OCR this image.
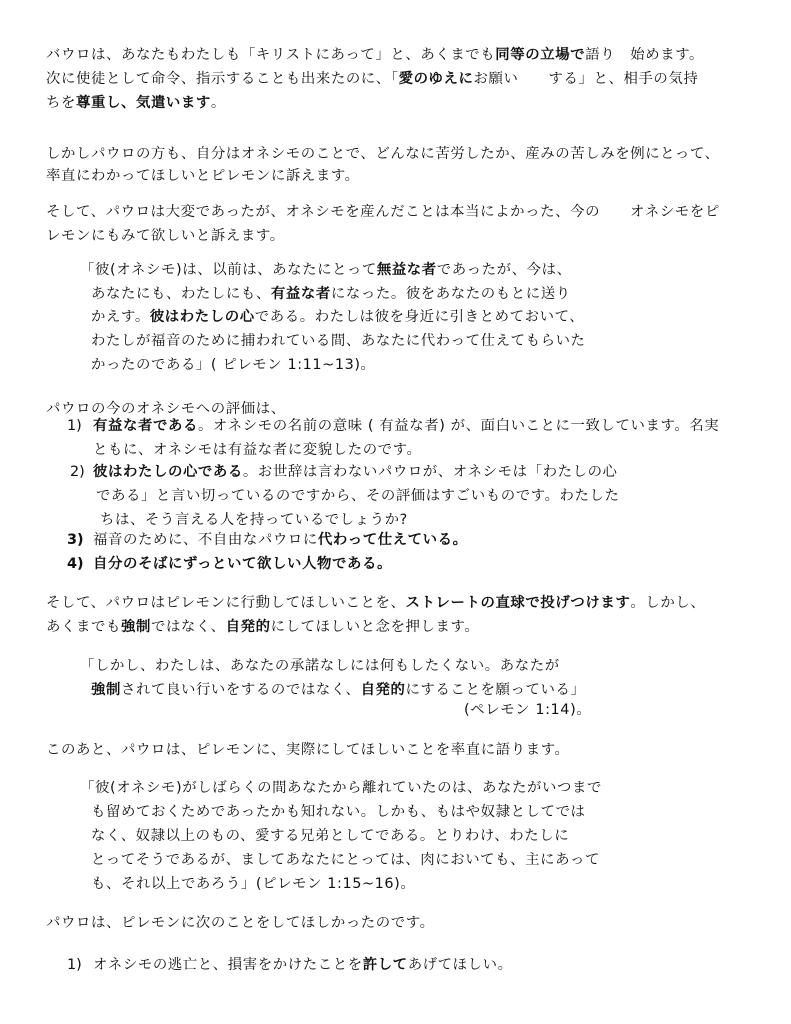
バウロは、あなたもわたしも「キリストにあって」と、あくまでも同等の立場で語り　始めます。
次に使徒として命令、指示することも出来たのに、「愛のゆえにお願い　　する」と、相手の気持
ちを尊重し、気遣います。
しかしパウロの方も、自分はオネシモのことで、どんなに苦労したか、産みの苦しみを例にとって、
率直にわかってほしいとピレモンに訴えます。
そして、パウロは大変であったが、オネシモを産んだことは本当によかった、今の　　オネシモをピ
レモンにもみて欲しいと訴えます。
「彼(オネシモ)は、以前は、あなたにとって無益な者であったが、今は、
あなたにも、わたしにも、有益な者になった。彼をあなたのもとに送り
かえす。彼はわたしの心である。わたしは彼を身近に引きとめておいて、
わたしが福音のために捕われている間、あなたに代わって仕えてもらいた
かったのである」( ピレモン 1:11~13)。
パウロの今のオネシモへの評価は、
1) 有益な者である。オネシモの名前の意味 ( 有益な者) が、面白いことに一致しています。名実
ともに、オネシモは有益な者に変貌したのです。
2) 彼はわたしの心である。お世辞は言わないパウロが、オネシモは「わたしの心
である」と言い切っているのですから、その評価はすごいものです。わたした
ちは、そう言える人を持っているでしょうか?
3) 福音のために、不自由なパウロに代わって仕えている。
4) 自分のそばにずっといて欲しい人物である。
そして、パウロはピレモンに行動してほしいことを、ストレートの直球で投げつけます。しかし、
あくまでも強制ではなく、自発的にしてほしいと念を押します。
「しかし、わたしは、あなたの承諾なしには何もしたくない。あなたが
強制されて良い行いをするのではなく、自発的にすることを願っている」
(ペレモン 1:14)。
このあと、パウロは、ピレモンに、実際にしてほしいことを率直に語ります。
「彼(オネシモ)がしばらくの間あなたから離れていたのは、あなたがいつまで
も留めておくためであったかも知れない。しかも、もはや奴隷としてでは
なく、奴隷以上のもの、愛する兄弟としてである。とりわけ、わたしに
とってそうであるが、ましてあなたにとっては、肉においても、主にあって
も、それ以上であろう」(ピレモン 1:15~16)。
パウロは、ピレモンに次のことをしてほしかったのです。
1) オネシモの逃亡と、損害をかけたことを許してあげてほしい。
